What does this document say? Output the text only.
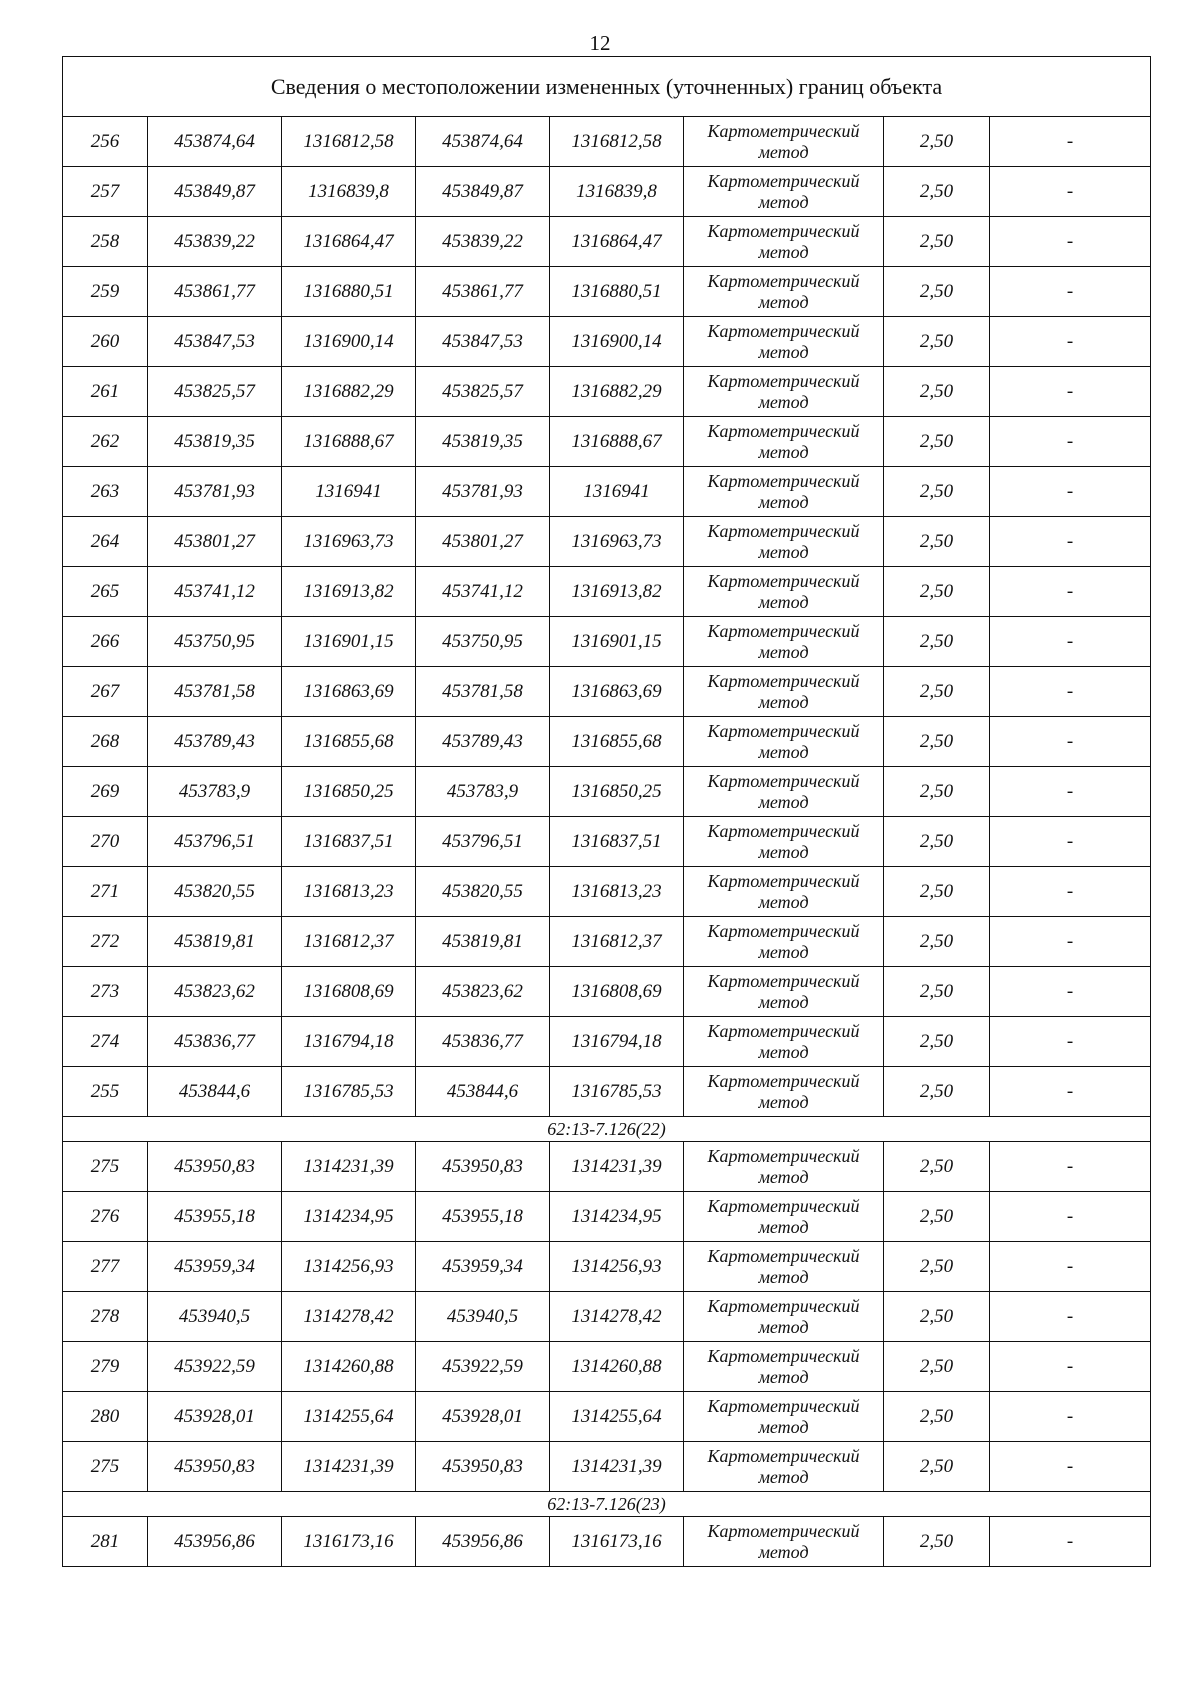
12
Сведения о местоположении измененных (уточненных) границ объекта							
256	453874,64	1316812,58	453874,64	1316812,58	Картометрический метод	2,50	-
257	453849,87	1316839,8	453849,87	1316839,8	Картометрический метод	2,50	-
258	453839,22	1316864,47	453839,22	1316864,47	Картометрический метод	2,50	-
259	453861,77	1316880,51	453861,77	1316880,51	Картометрический метод	2,50	-
260	453847,53	1316900,14	453847,53	1316900,14	Картометрический метод	2,50	-
261	453825,57	1316882,29	453825,57	1316882,29	Картометрический метод	2,50	-
262	453819,35	1316888,67	453819,35	1316888,67	Картометрический метод	2,50	-
263	453781,93	1316941	453781,93	1316941	Картометрический метод	2,50	-
264	453801,27	1316963,73	453801,27	1316963,73	Картометрический метод	2,50	-
265	453741,12	1316913,82	453741,12	1316913,82	Картометрический метод	2,50	-
266	453750,95	1316901,15	453750,95	1316901,15	Картометрический метод	2,50	-
267	453781,58	1316863,69	453781,58	1316863,69	Картометрический метод	2,50	-
268	453789,43	1316855,68	453789,43	1316855,68	Картометрический метод	2,50	-
269	453783,9	1316850,25	453783,9	1316850,25	Картометрический метод	2,50	-
270	453796,51	1316837,51	453796,51	1316837,51	Картометрический метод	2,50	-
271	453820,55	1316813,23	453820,55	1316813,23	Картометрический метод	2,50	-
272	453819,81	1316812,37	453819,81	1316812,37	Картометрический метод	2,50	-
273	453823,62	1316808,69	453823,62	1316808,69	Картометрический метод	2,50	-
274	453836,77	1316794,18	453836,77	1316794,18	Картометрический метод	2,50	-
255	453844,6	1316785,53	453844,6	1316785,53	Картометрический метод	2,50	-
62:13-7.126(22)							
275	453950,83	1314231,39	453950,83	1314231,39	Картометрический метод	2,50	-
276	453955,18	1314234,95	453955,18	1314234,95	Картометрический метод	2,50	-
277	453959,34	1314256,93	453959,34	1314256,93	Картометрический метод	2,50	-
278	453940,5	1314278,42	453940,5	1314278,42	Картометрический метод	2,50	-
279	453922,59	1314260,88	453922,59	1314260,88	Картометрический метод	2,50	-
280	453928,01	1314255,64	453928,01	1314255,64	Картометрический метод	2,50	-
275	453950,83	1314231,39	453950,83	1314231,39	Картометрический метод	2,50	-
62:13-7.126(23)							
281	453956,86	1316173,16	453956,86	1316173,16	Картометрический метод	2,50	-
